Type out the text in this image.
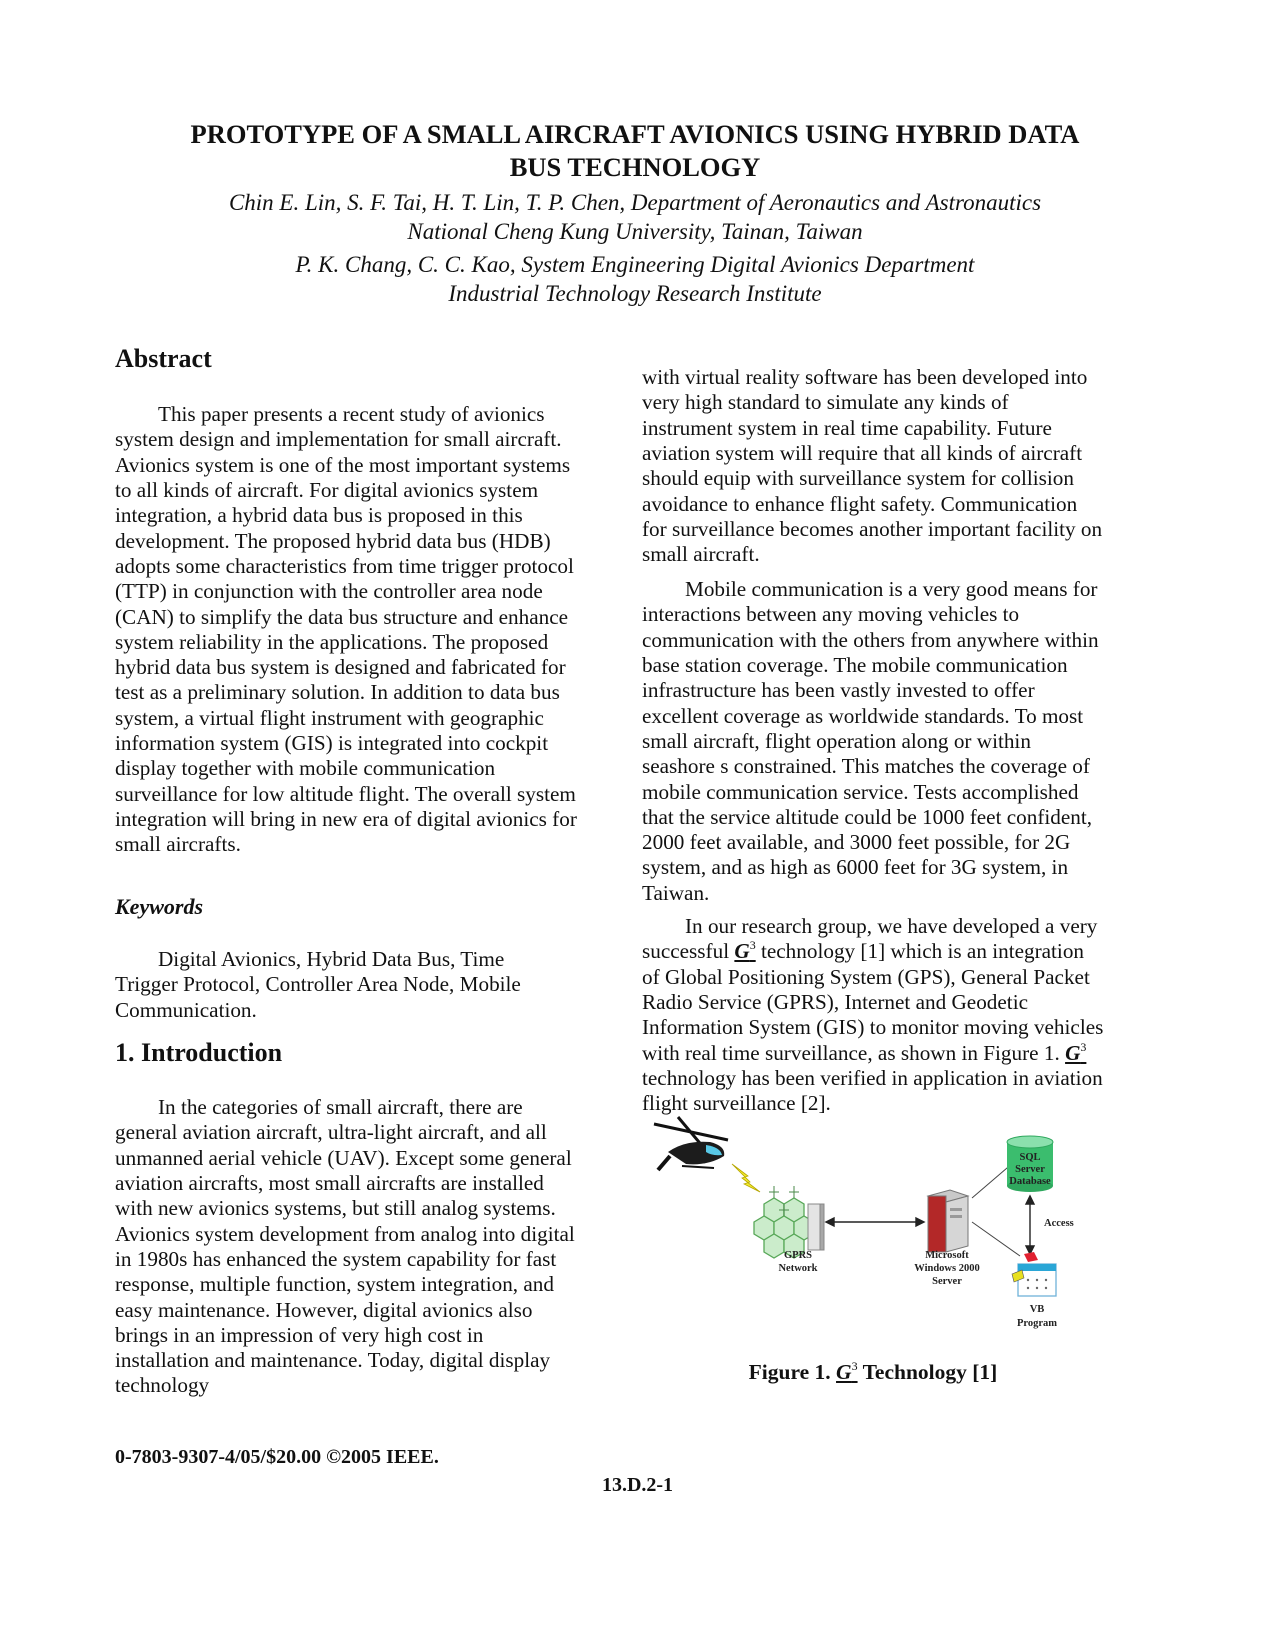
PROTOTYPE OF A SMALL AIRCRAFT AVIONICS USING HYBRID DATA
BUS TECHNOLOGY
Chin E. Lin, S. F. Tai, H. T. Lin, T. P. Chen, Department of Aeronautics and Astronautics
National Cheng Kung University, Tainan, Taiwan
P. K. Chang, C. C. Kao, System Engineering Digital Avionics Department
Industrial Technology Research Institute
Abstract

This paper presents a recent study of avionics system design and implementation for small aircraft. Avionics system is one of the most important systems to all kinds of aircraft. For digital avionics system integration, a hybrid data bus is proposed in this development. The proposed hybrid data bus (HDB) adopts some characteristics from time trigger protocol (TTP) in conjunction with the controller area node (CAN) to simplify the data bus structure and enhance system reliability in the applications. The proposed hybrid data bus system is designed and fabricated for test as a preliminary solution. In addition to data bus system, a virtual flight instrument with geographic information system (GIS) is integrated into cockpit display together with mobile communication surveillance for low altitude flight. The overall system integration will bring in new era of digital avionics for small aircrafts.

Keywords

Digital Avionics, Hybrid Data Bus, Time Trigger Protocol, Controller Area Node, Mobile Communication.

1. Introduction

In the categories of small aircraft, there are general aviation aircraft, ultra-light aircraft, and all unmanned aerial vehicle (UAV). Except some general aviation aircrafts, most small aircrafts are installed with new avionics systems, but still analog systems. Avionics system development from analog into digital in 1980s has enhanced the system capability for fast response, multiple function, system integration, and easy maintenance. However, digital avionics also brings in an impression of very high cost in installation and maintenance. Today, digital display technology

with virtual reality software has been developed into very high standard to simulate any kinds of instrument system in real time capability. Future aviation system will require that all kinds of aircraft should equip with surveillance system for collision avoidance to enhance flight safety. Communication for surveillance becomes another important facility on small aircraft.

Mobile communication is a very good means for interactions between any moving vehicles to communication with the others from anywhere within base station coverage. The mobile communication infrastructure has been vastly invested to offer excellent coverage as worldwide standards. To most small aircraft, flight operation along or within seashore s constrained. This matches the coverage of mobile communication service. Tests accomplished that the service altitude could be 1000 feet confident, 2000 feet available, and 3000 feet possible, for 2G system, and as high as 6000 feet for 3G system, in Taiwan.

In our research group, we have developed a very successful $G^3$ technology [1] which is an integration of Global Positioning System (GPS), General Packet Radio Service (GPRS), Internet and Geodetic Information System (GIS) to monitor moving vehicles with real time surveillance, as shown in Figure 1. $G^3$ technology has been verified in application in aviation flight surveillance [2].

GPRS
Network
Microsoft
Windows 2000
Server
SQL
Server
Database
Access
VB
Program
Figure 1. $G^3$ Technology [1]
0-7803-9307-4/05/$20.00 ©2005 IEEE.
13.D.2-1
